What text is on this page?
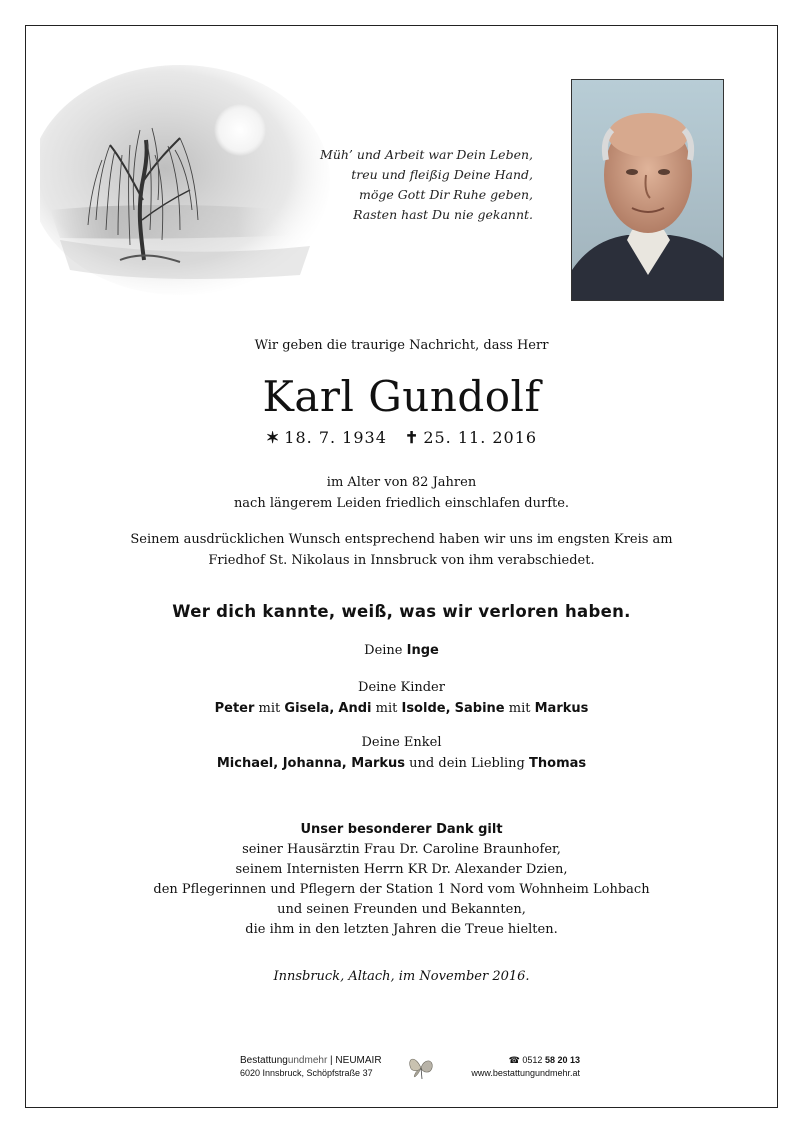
Müh’ und Arbeit war Dein Leben,
treu und fleißig Deine Hand,
möge Gott Dir Ruhe geben,
Rasten hast Du nie gekannt.
Wir geben die traurige Nachricht, dass Herr
Karl Gundolf
✶ 18. 7. 1934 ✝ 25. 11. 2016
im Alter von 82 Jahren
nach längerem Leiden friedlich einschlafen durfte.
Seinem ausdrücklichen Wunsch entsprechend haben wir uns im engsten Kreis am
Friedhof St. Nikolaus in Innsbruck von ihm verabschiedet.
Wer dich kannte, weiß, was wir verloren haben.
Deine Inge
Deine Kinder
Peter mit Gisela, Andi mit Isolde, Sabine mit Markus
Deine Enkel
Michael, Johanna, Markus und dein Liebling Thomas
Unser besonderer Dank gilt
seiner Hausärztin Frau Dr. Caroline Braunhofer,
seinem Internisten Herrn KR Dr. Alexander Dzien,
den Pflegerinnen und Pflegern der Station 1 Nord vom Wohnheim Lohbach
und seinen Freunden und Bekannten,
die ihm in den letzten Jahren die Treue hielten.
Innsbruck, Altach, im November 2016.
Bestattungundmehr | NEUMAIR
6020 Innsbruck, Schöpfstraße 37
☎ 0512 58 20 13
www.bestattungundmehr.at
